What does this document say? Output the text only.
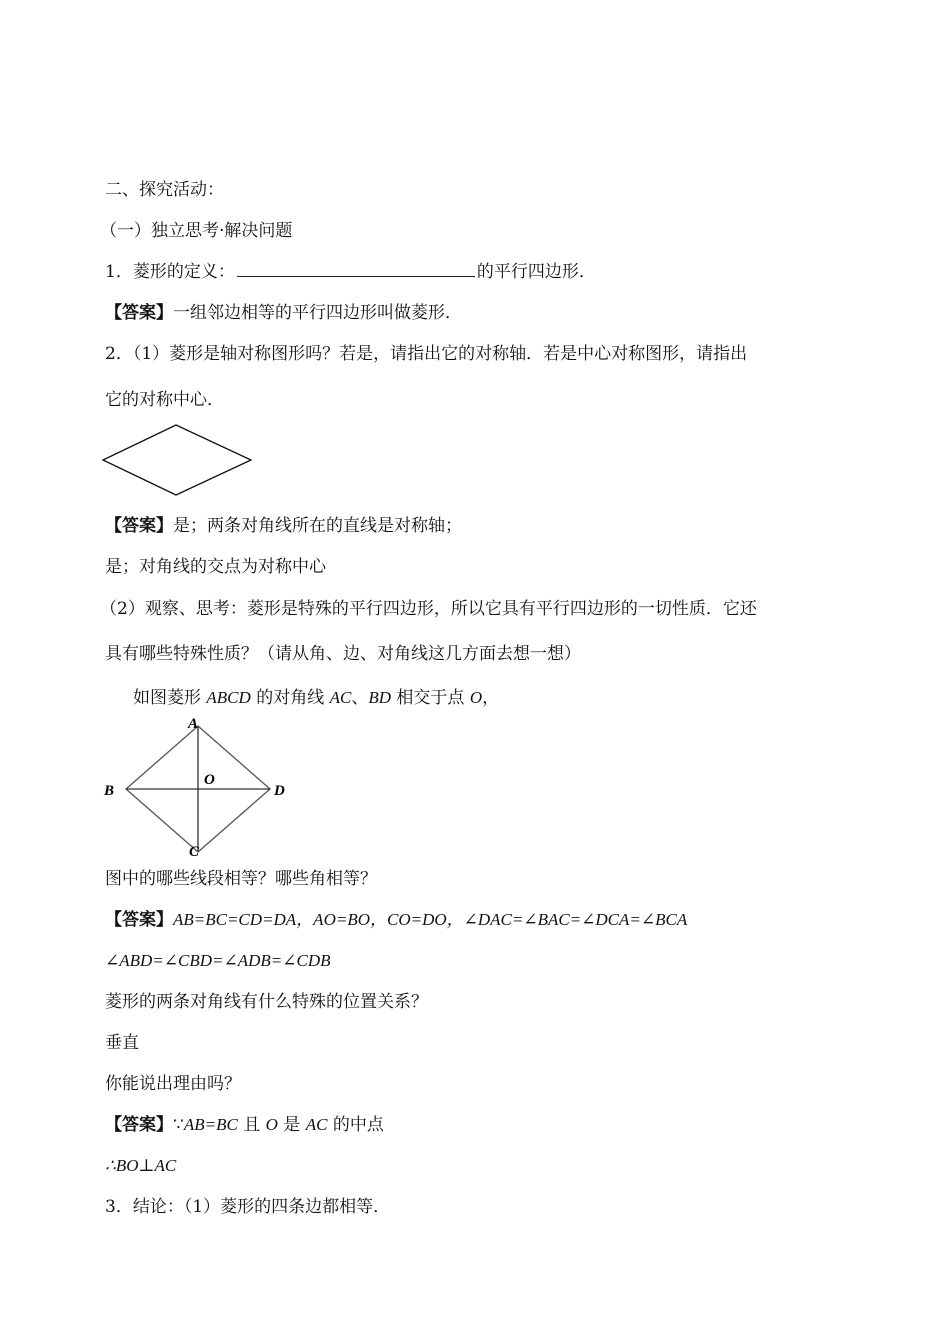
二、探究活动：
（一）独立思考·解决问题
1．菱形的定义：	的平行四边形．
【答案】一组邻边相等的平行四边形叫做菱形．
2．（1）菱形是轴对称图形吗？若是，请指出它的对称轴．若是中心对称图形，请指出
它的对称中心．
【答案】是；两条对角线所在的直线是对称轴；
是；对角线的交点为对称中心
（2）观察、思考：菱形是特殊的平行四边形，所以它具有平行四边形的一切性质．它还
具有哪些特殊性质？（请从角、边、对角线这几方面去想一想）
如图菱形 ABCD 的对角线 AC、BD 相交于点 O，
A
B
C
D
O
图中的哪些线段相等？哪些角相等？
【答案】AB=BC=CD=DA，AO=BO，CO=DO，∠DAC=∠BAC=∠DCA=∠BCA
∠ABD=∠CBD=∠ADB=∠CDB
菱形的两条对角线有什么特殊的位置关系？
垂直
你能说出理由吗？
【答案】∵AB=BC 且 O 是 AC 的中点
∴BO⊥AC
3．结论：（1）菱形的四条边都相等．
